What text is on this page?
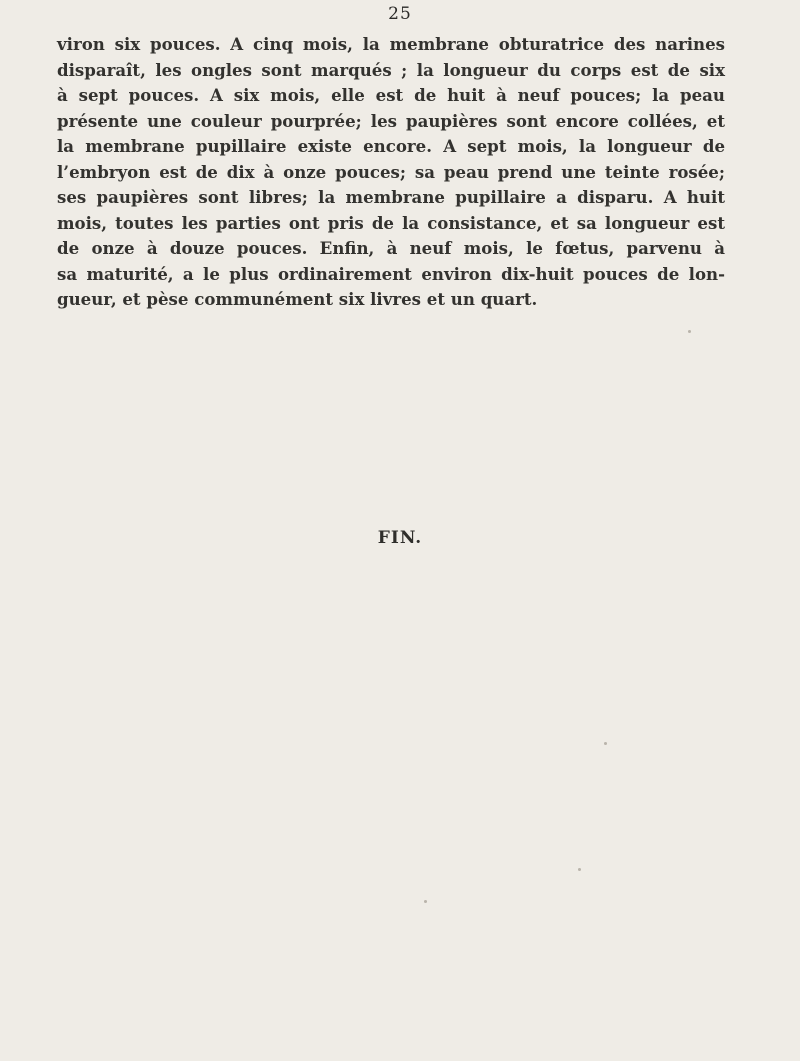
25

viron six pouces. A cinq mois, la membrane obturatrice des narines
disparaît, les ongles sont marqués ; la longueur du corps est de six
à sept pouces. A six mois, elle est de huit à neuf pouces; la peau
présente une couleur pourprée; les paupières sont encore collées, et
la membrane pupillaire existe encore. A sept mois, la longueur de
l’embryon est de dix à onze pouces; sa peau prend une teinte rosée;
ses paupières sont libres; la membrane pupillaire a disparu. A huit
mois, toutes les parties ont pris de la consistance, et sa longueur est
de onze à douze pouces. Enfin, à neuf mois, le fœtus, parvenu à
sa maturité, a le plus ordinairement environ dix-huit pouces de lon-
gueur, et pèse communément six livres et un quart.

FIN.
